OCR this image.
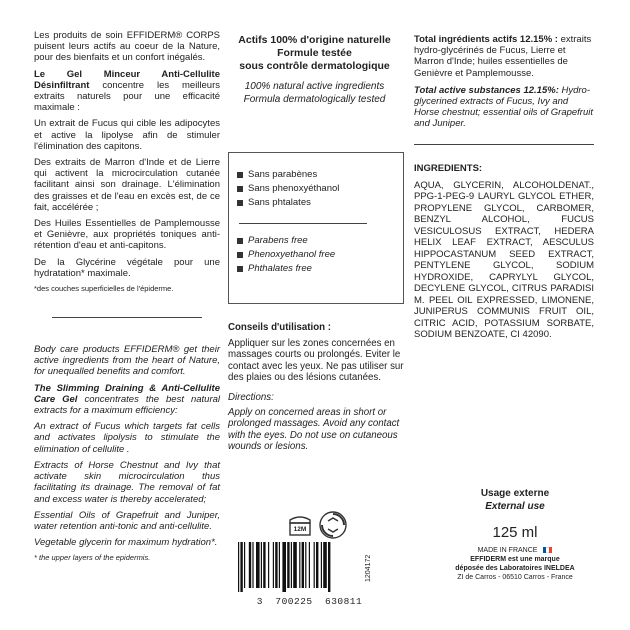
Les produits de soin EFFIDERM® CORPS puisent leurs actifs au coeur de la Nature, pour des bienfaits et un confort inégalés.

Le Gel Minceur Anti-Cellulite Désinfiltrant concentre les meilleurs extraits naturels pour une efficacité maximale :

Un extrait de Fucus qui cible les adipocytes et active la lipolyse afin de stimuler l'élimination des capitons.

Des extraits de Marron d'Inde et de Lierre qui activent la microcirculation cutanée facilitant ainsi son drainage. L'élimination des graisses et de l'eau en excès est, de ce fait, accélérée ;

Des Huiles Essentielles de Pamplemousse et Genièvre, aux propriétés toniques anti-rétention d'eau et anti-capitons.

De la Glycérine végétale pour une hydratation* maximale.

*des couches superficielles de l'épiderme.

Body care products EFFIDERM® get their active ingredients from the heart of Nature, for unequalled benefits and comfort.

The Slimming Draining & Anti-Cellulite Care Gel concentrates the best natural extracts for a maximum efficiency:

An extract of Fucus which targets fat cells and activates lipolysis to stimulate the elimination of cellulite .

Extracts of Horse Chestnut and Ivy that activate skin microcirculation thus facilitating its drainage. The removal of fat and excess water is thereby accelerated;

Essential Oils of Grapefruit and Juniper, water retention anti-tonic and anti-cellulite.

Vegetable glycerin for maximum hydration*.

* the upper layers of the epidermis.

Actifs 100% d'origine naturelle
Formule testée
sous contrôle dermatologique
100% natural active ingredients
Formula dermatologically tested
Sans parabènes
Sans phenoxyéthanol
Sans phtalates
Parabens free
Phenoxyethanol free
Phthalates free
Conseils d'utilisation :

Appliquer sur les zones concernées en massages courts ou prolongés. Eviter le contact avec les yeux. Ne pas utiliser sur des plaies ou des lésions cutanées.

Directions:

Apply on concerned areas in short or prolonged massages. Avoid any contact with the eyes. Do not use on cutaneous wounds or lesions.

12M
1204172
3  700225  630811

Total ingrédients actifs 12.15% : extraits hydro-glycérinés de Fucus, Lierre et Marron d'Inde; huiles essentielles de Genièvre et Pamplemousse.

Total active substances 12.15%: Hydro-glycerined extracts of Fucus, Ivy and Horse chestnut; essential oils of Grapefruit and Juniper.

INGREDIENTS:

AQUA, GLYCERIN, ALCOHOLDENAT., PPG-1-PEG-9 LAURYL GLYCOL ETHER, PROPYLENE GLYCOL, CARBOMER, BENZYL ALCOHOL, FUCUS VESICULOSUS EXTRACT, HEDERA HELIX LEAF EXTRACT, AESCULUS HIPPOCASTANUM SEED EXTRACT, PENTYLENE GLYCOL, SODIUM HYDROXIDE, CAPRYLYL GLYCOL, DECYLENE GLYCOL, CITRUS PARADISI M. PEEL OIL EXPRESSED, LIMONENE, JUNIPERUS COMMUNIS FRUIT OIL, CITRIC ACID, POTASSIUM SORBATE, SODIUM BENZOATE, CI 42090.

Usage externe
External use
125 ml
MADE IN FRANCE
EFFIDERM est une marque
déposée des Laboratoires INELDEA
ZI de Carros - 06510 Carros - France
